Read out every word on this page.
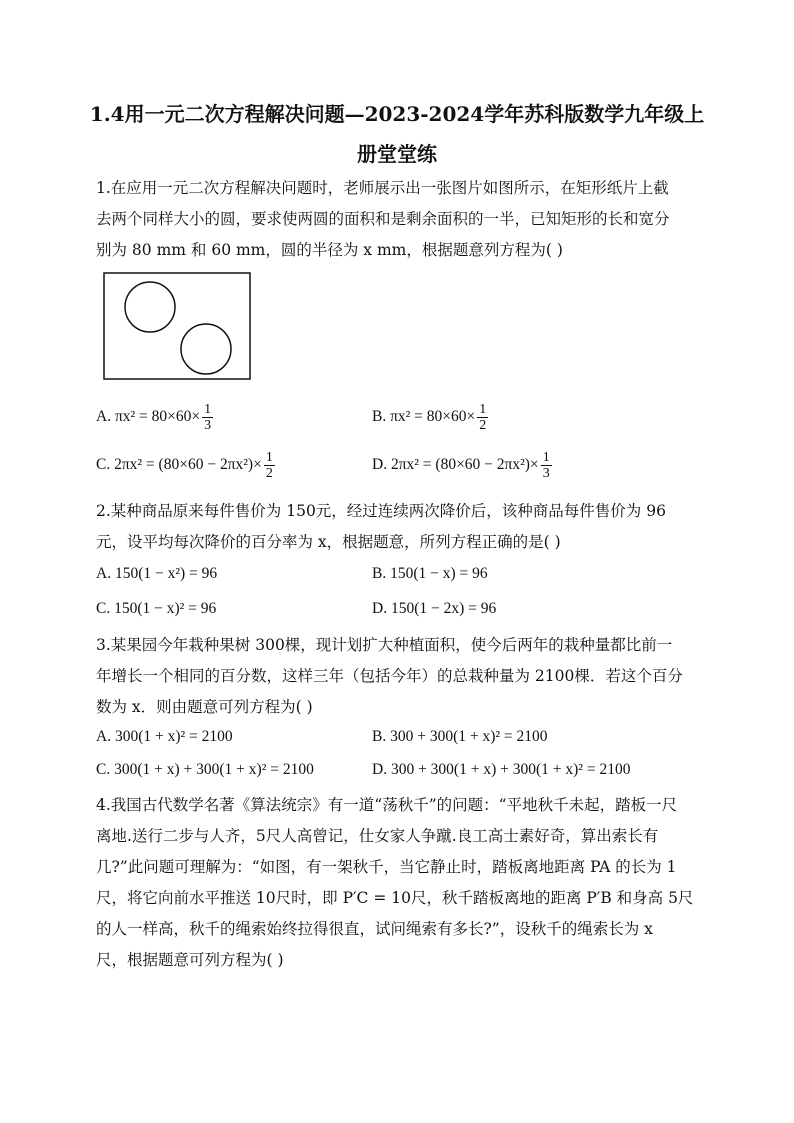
1.4用一元二次方程解决问题—2023-2024学年苏科版数学九年级上
册堂堂练
1.在应用一元二次方程解决问题时，老师展示出一张图片如图所示，在矩形纸片上截
去两个同样大小的圆，要求使两圆的面积和是剩余面积的一半，已知矩形的长和宽分
别为 80 mm 和 60 mm，圆的半径为 x mm，根据题意列方程为( )
A. $\pi x^2 = 80\times 60\times \frac{1}{3}$	B. $\pi x^2 = 80\times 60\times \frac{1}{2}$
C. $2\pi x^2 = (80\times 60 - 2\pi x^2)\times \frac{1}{2}$	D. $2\pi x^2 = (80\times 60 - 2\pi x^2)\times \frac{1}{3}$
2.某种商品原来每件售价为 150元，经过连续两次降价后，该种商品每件售价为 96
元，设平均每次降价的百分率为 x，根据题意，所列方程正确的是( )
A. 150(1 − x²) = 96	B. 150(1 − x) = 96
C. 150(1 − x)² = 96	D. 150(1 − 2x) = 96
3.某果园今年栽种果树 300棵，现计划扩大种植面积，使今后两年的栽种量都比前一
年增长一个相同的百分数，这样三年（包括今年）的总栽种量为 2100棵．若这个百分
数为 x．则由题意可列方程为( )
A. 300(1 + x)² = 2100	B. 300 + 300(1 + x)² = 2100
C. 300(1 + x) + 300(1 + x)² = 2100	D. 300 + 300(1 + x) + 300(1 + x)² = 2100
4.我国古代数学名著《算法统宗》有一道“荡秋千”的问题：“平地秋千未起，踏板一尺
离地.送行二步与人齐，5尺人高曾记，仕女家人争蹴.良工高士素好奇，算出索长有
几?”此问题可理解为：“如图，有一架秋千，当它静止时，踏板离地距离 PA 的长为 1
尺，将它向前水平推送 10尺时，即 P′C = 10尺，秋千踏板离地的距离 P′B 和身高 5尺
的人一样高，秋千的绳索始终拉得很直，试问绳索有多长?”，设秋千的绳索长为 x
尺，根据题意可列方程为( )
